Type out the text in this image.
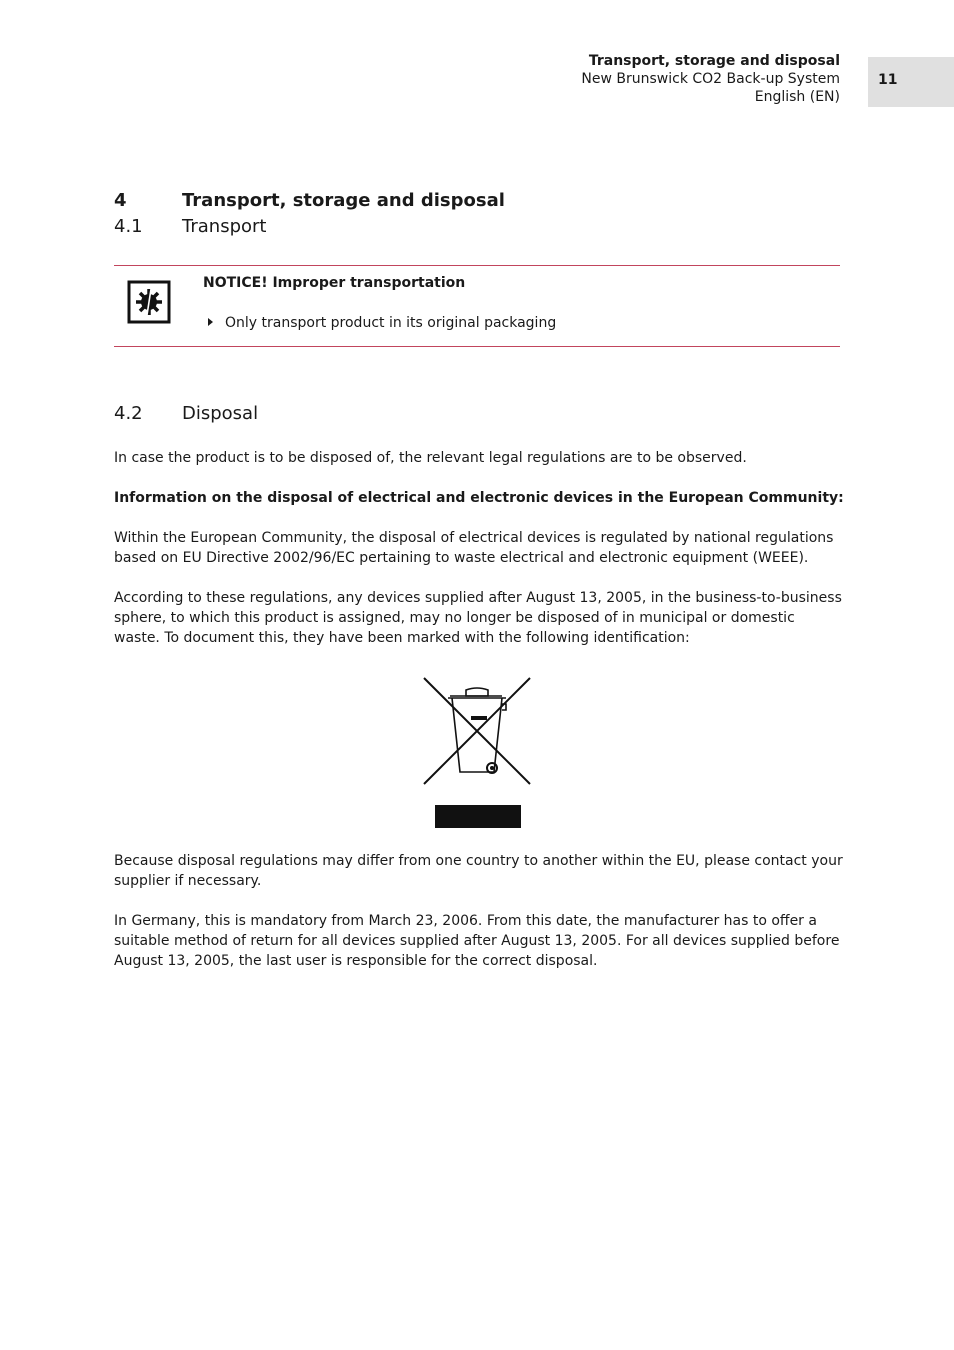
Transport, storage and disposal
New Brunswick CO2 Back-up System
English (EN)
11
4	Transport, storage and disposal
4.1 Transport
NOTICE! Improper transportation
Only transport product in its original packaging
4.2 Disposal
In case the product is to be disposed of, the relevant legal regulations are to be observed.
Information on the disposal of electrical and electronic devices in the European Community:
Within the European Community, the disposal of electrical devices is regulated by national regulations based on EU Directive 2002/96/EC pertaining to waste electrical and electronic equipment (WEEE).
According to these regulations, any devices supplied after August 13, 2005, in the business-to-business sphere, to which this product is assigned, may no longer be disposed of in municipal or domestic waste. To document this, they have been marked with the following identification:
Because disposal regulations may differ from one country to another within the EU, please contact your supplier if necessary.
In Germany, this is mandatory from March 23, 2006. From this date, the manufacturer has to offer a suitable method of return for all devices supplied after August 13, 2005. For all devices supplied before August 13, 2005, the last user is responsible for the correct disposal.
